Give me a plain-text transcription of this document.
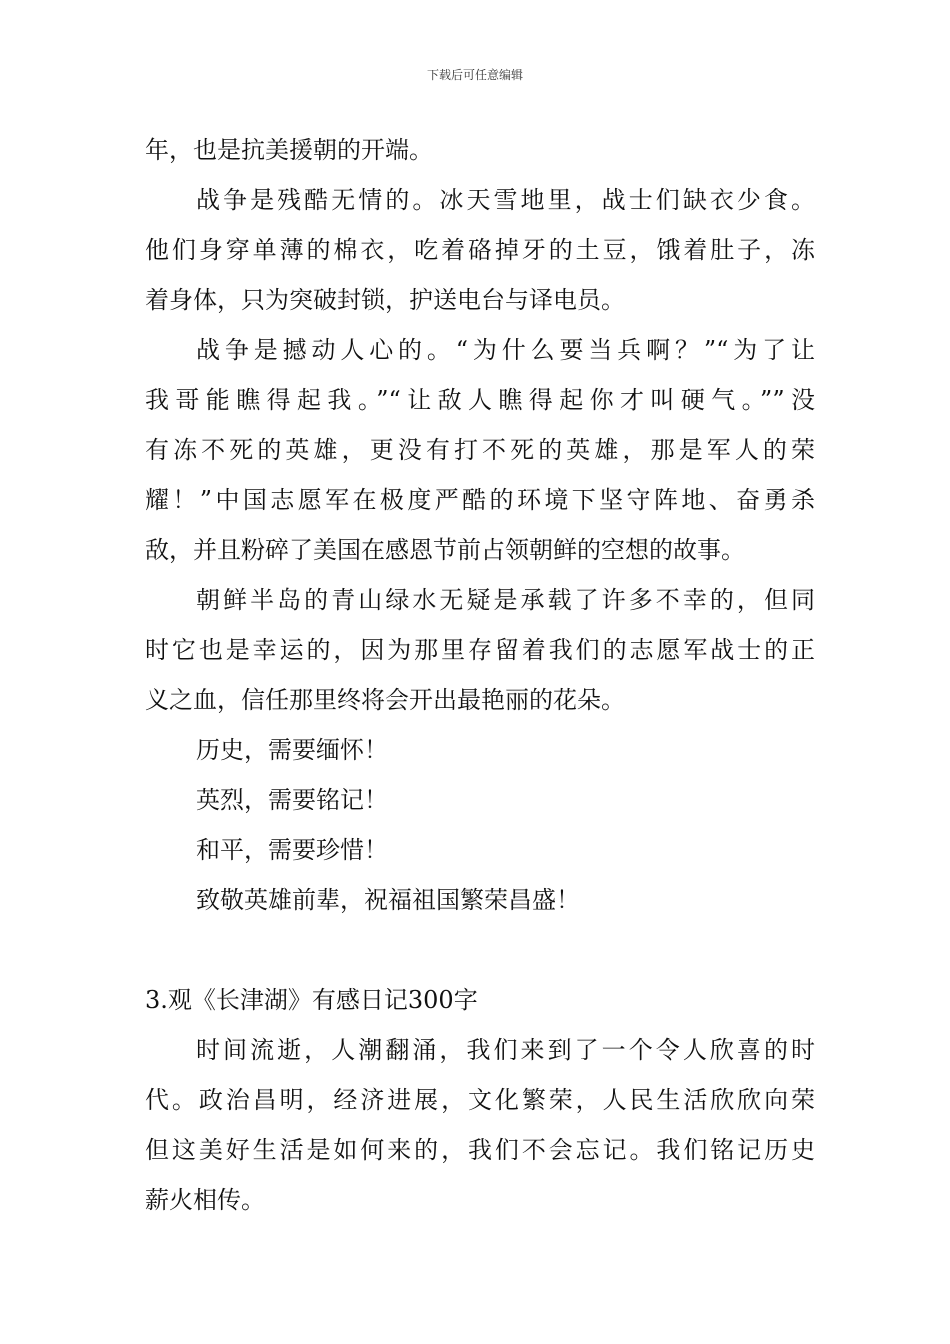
下载后可任意编辑
年，也是抗美援朝的开端。
战争是残酷无情的。冰天雪地里，战士们缺衣少食。
他们身穿单薄的棉衣，吃着硌掉牙的土豆，饿着肚子，冻
着身体，只为突破封锁，护送电台与译电员。
战争是撼动人心的。“为什么要当兵啊？”“为了让
我哥能瞧得起我。”“让敌人瞧得起你才叫硬气。””没
有冻不死的英雄，更没有打不死的英雄，那是军人的荣
耀！”中国志愿军在极度严酷的环境下坚守阵地、奋勇杀
敌，并且粉碎了美国在感恩节前占领朝鲜的空想的故事。
朝鲜半岛的青山绿水无疑是承载了许多不幸的，但同
时它也是幸运的，因为那里存留着我们的志愿军战士的正
义之血，信任那里终将会开出最艳丽的花朵。
历史，需要缅怀！
英烈，需要铭记！
和平，需要珍惜！
致敬英雄前辈，祝福祖国繁荣昌盛！
3.观《长津湖》有感日记300字
时间流逝，人潮翻涌，我们来到了一个令人欣喜的时
代。政治昌明，经济进展，文化繁荣，人民生活欣欣向荣
但这美好生活是如何来的，我们不会忘记。我们铭记历史
薪火相传。
